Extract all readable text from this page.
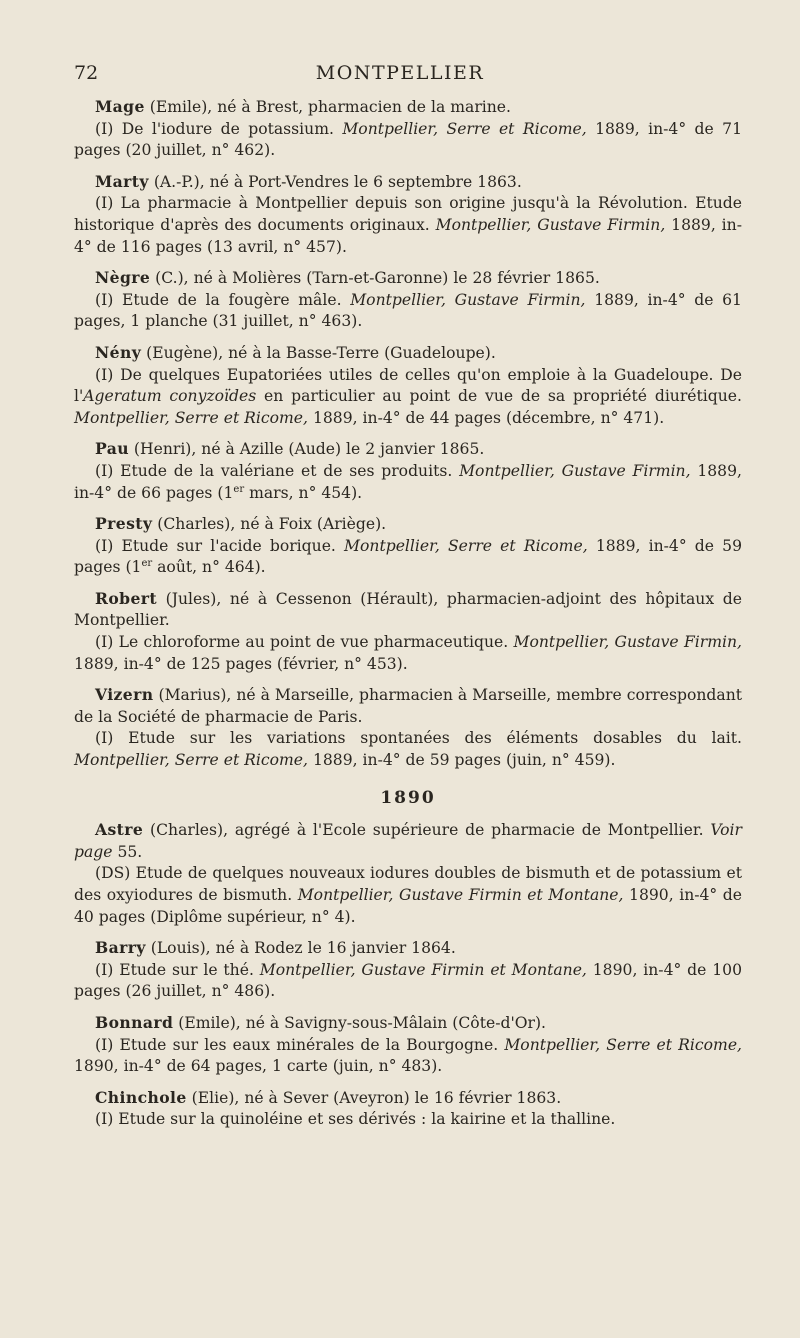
72	MONTPELLIER

Mage (Emile), né à Brest, pharmacien de la marine.

(I) De l'iodure de potassium. Montpellier, Serre et Ricome, 1889, in-4° de 71 pages (20 juillet, n° 462).

Marty (A.-P.), né à Port-Vendres le 6 septembre 1863.

(I) La pharmacie à Montpellier depuis son origine jusqu'à la Révolution. Etude historique d'après des documents originaux. Montpellier, Gustave Firmin, 1889, in-4° de 116 pages (13 avril, n° 457).

Nègre (C.), né à Molières (Tarn-et-Garonne) le 28 février 1865.

(I) Etude de la fougère mâle. Montpellier, Gustave Firmin, 1889, in-4° de 61 pages, 1 planche (31 juillet, n° 463).

Nény (Eugène), né à la Basse-Terre (Guadeloupe).

(I) De quelques Eupatoriées utiles de celles qu'on emploie à la Guadeloupe. De l'Ageratum conyzoïdes en particulier au point de vue de sa propriété diurétique. Montpellier, Serre et Ricome, 1889, in-4° de 44 pages (décembre, n° 471).

Pau (Henri), né à Azille (Aude) le 2 janvier 1865.

(I) Etude de la valériane et de ses produits. Montpellier, Gustave Firmin, 1889, in-4° de 66 pages (1er mars, n° 454).

Presty (Charles), né à Foix (Ariège).

(I) Etude sur l'acide borique. Montpellier, Serre et Ricome, 1889, in-4° de 59 pages (1er août, n° 464).

Robert (Jules), né à Cessenon (Hérault), pharmacien-adjoint des hôpitaux de Montpellier.

(I) Le chloroforme au point de vue pharmaceutique. Montpellier, Gustave Firmin, 1889, in-4° de 125 pages (février, n° 453).

Vizern (Marius), né à Marseille, pharmacien à Marseille, membre correspondant de la Société de pharmacie de Paris.

(I) Etude sur les variations spontanées des éléments dosables du lait. Montpellier, Serre et Ricome, 1889, in-4° de 59 pages (juin, n° 459).

1890

Astre (Charles), agrégé à l'Ecole supérieure de pharmacie de Montpellier. Voir page 55.

(DS) Etude de quelques nouveaux iodures doubles de bismuth et de potassium et des oxyiodures de bismuth. Montpellier, Gustave Firmin et Montane, 1890, in-4° de 40 pages (Diplôme supérieur, n° 4).

Barry (Louis), né à Rodez le 16 janvier 1864.

(I) Etude sur le thé. Montpellier, Gustave Firmin et Montane, 1890, in-4° de 100 pages (26 juillet, n° 486).

Bonnard (Emile), né à Savigny-sous-Mâlain (Côte-d'Or).

(I) Etude sur les eaux minérales de la Bourgogne. Montpellier, Serre et Ricome, 1890, in-4° de 64 pages, 1 carte (juin, n° 483).

Chinchole (Elie), né à Sever (Aveyron) le 16 février 1863.

(I) Etude sur la quinoléine et ses dérivés : la kairine et la thalline.
